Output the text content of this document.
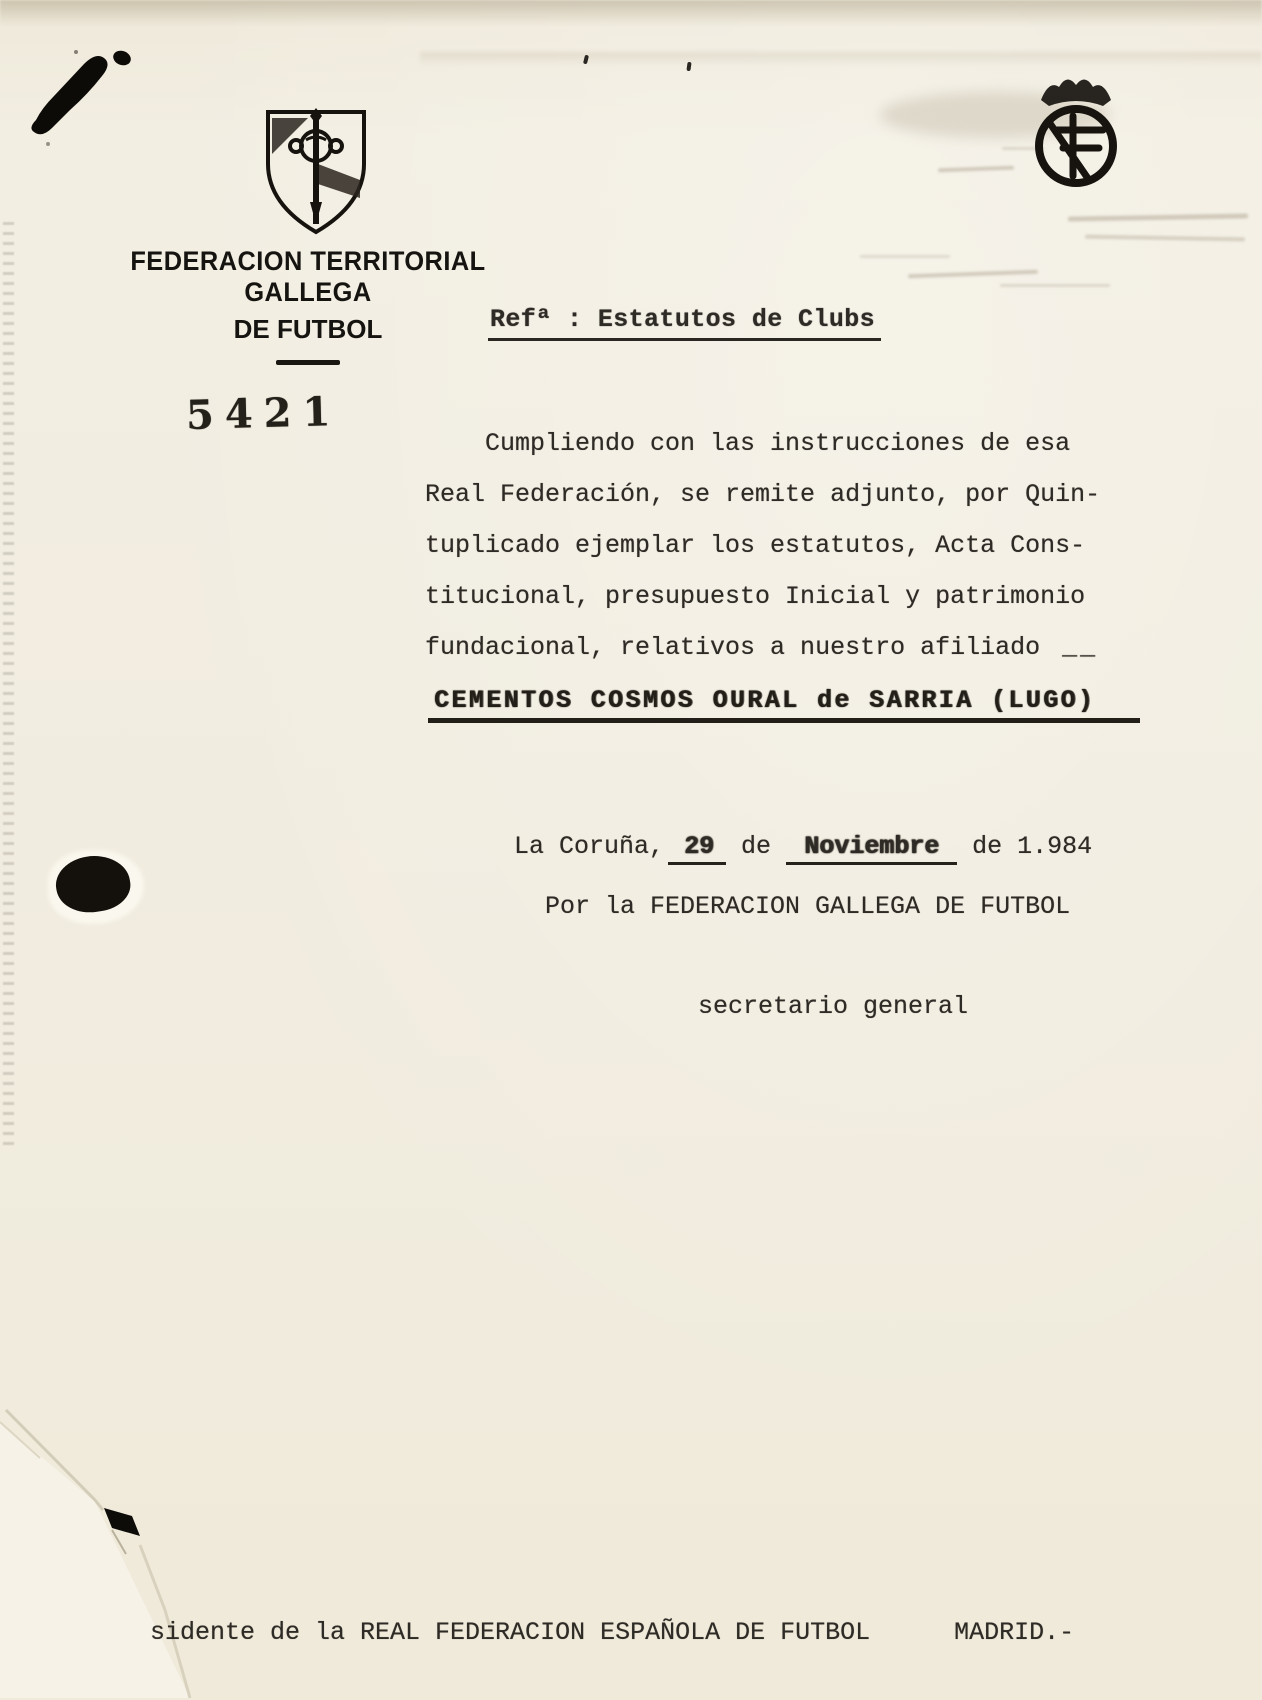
FEDERACION TERRITORIAL GALLEGA
DE FUTBOL	Refª : Estatutos de Clubs
5421
Cumpliendo con las instrucciones de esa
Real Federación, se remite adjunto, por Quin-
tuplicado ejemplar los estatutos, Acta Cons-
titucional, presupuesto Inicial y patrimonio
fundacional, relativos a nuestro afiliado __
CEMENTOS COSMOS OURAL de SARRIA (LUGO)
La Coruña, 29 de Noviembre de 1.984
Por la FEDERACION GALLEGA DE FUTBOL
secretario general
sidente de la REAL FEDERACION ESPAÑOLA DE FUTBOL	MADRID.-
